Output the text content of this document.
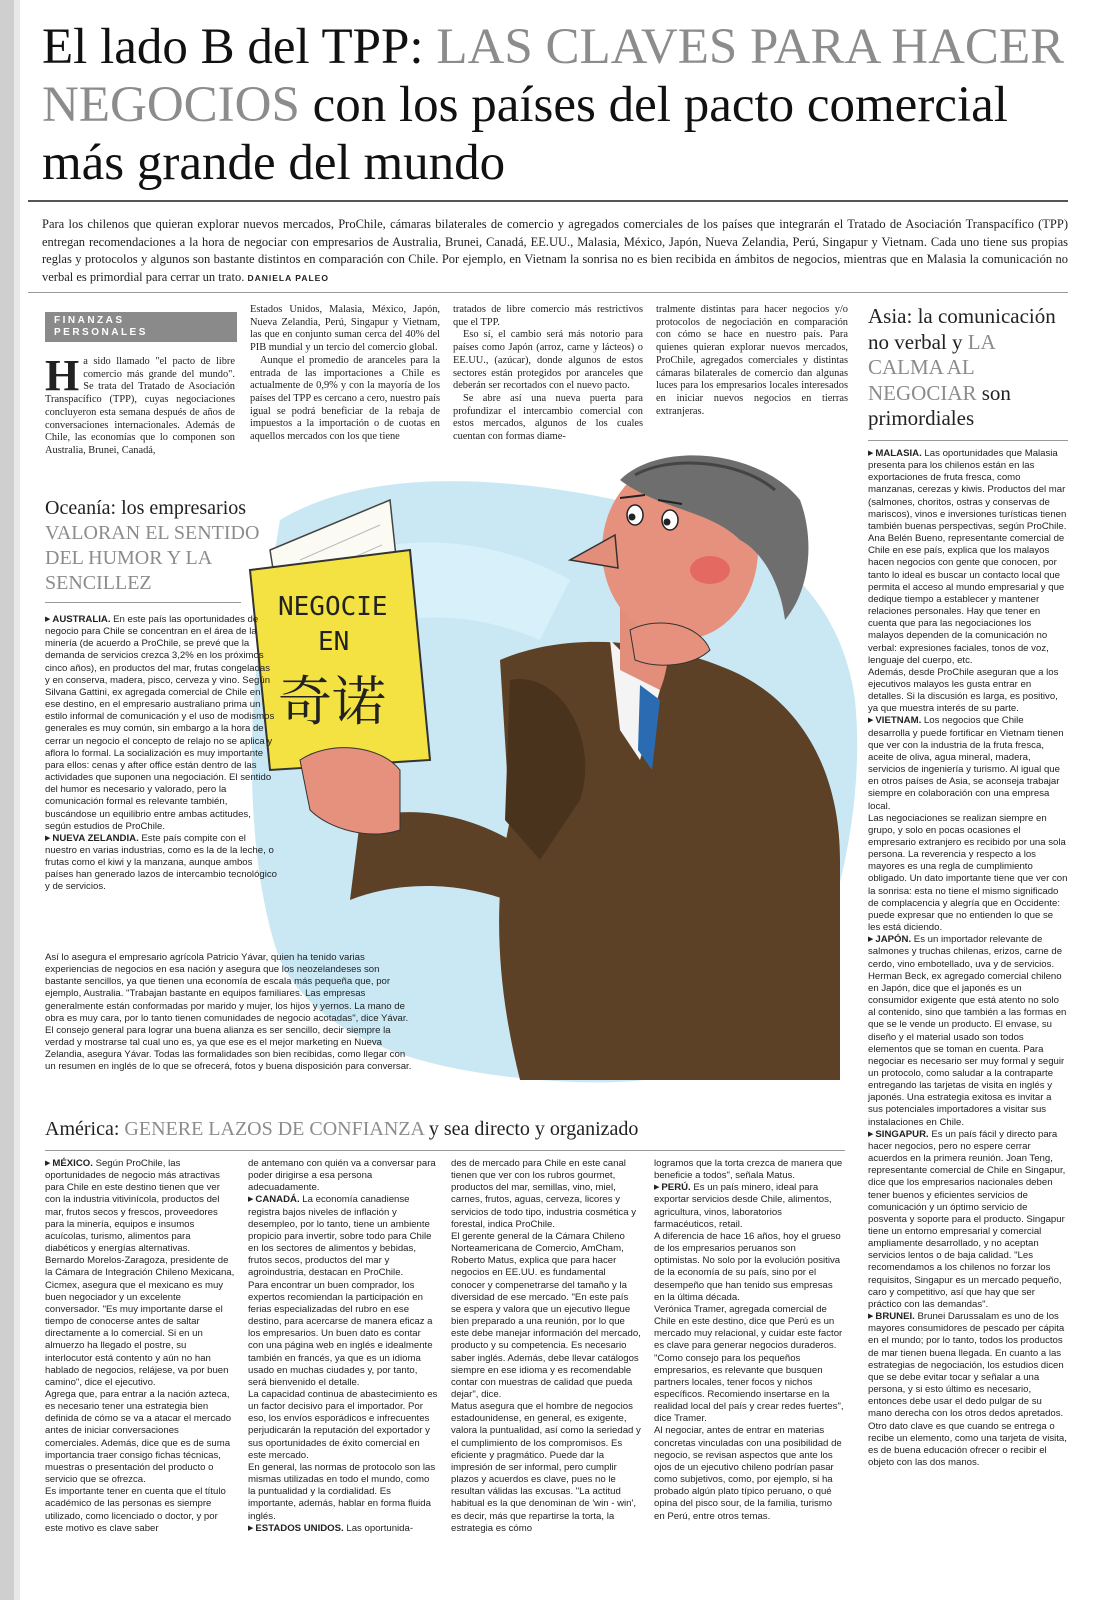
El lado B del TPP: LAS CLAVES PARA HACER NEGOCIOS con los países del pacto comercial más grande del mundo
Para los chilenos que quieran explorar nuevos mercados, ProChile, cámaras bilaterales de comercio y agregados comerciales de los países que integrarán el Tratado de Asociación Transpacífico (TPP) entregan recomendaciones a la hora de negociar con empresarios de Australia, Brunei, Canadá, EE.UU., Malasia, México, Japón, Nueva Zelandia, Perú, Singapur y Vietnam. Cada uno tiene sus propias reglas y protocolos y algunos son bastante distintos en comparación con Chile. Por ejemplo, en Vietnam la sonrisa no es bien recibida en ámbitos de negocios, mientras que en Malasia la comunicación no verbal es primordial para cerrar un trato. DANIELA PALEO
FINANZAS
PERSONALES
Ha sido llamado "el pacto de libre comercio más grande del mundo". Se trata del Tratado de Asociación Transpacífico (TPP), cuyas negociaciones concluyeron esta semana después de años de conversaciones internacionales. Además de Chile, las economías que lo componen son Australia, Brunei, Canadá,

Estados Unidos, Malasia, México, Japón, Nueva Zelandia, Perú, Singapur y Vietnam, las que en conjunto suman cerca del 40% del PIB mundial y un tercio del comercio global.

Aunque el promedio de aranceles para la entrada de las importaciones a Chile es actualmente de 0,9% y con la mayoría de los países del TPP es cercano a cero, nuestro país igual se podrá beneficiar de la rebaja de impuestos a la importación o de cuotas en aquellos mercados con los que tiene

tratados de libre comercio más restrictivos que el TPP.

Eso sí, el cambio será más notorio para países como Japón (arroz, carne y lácteos) o EE.UU., (azúcar), donde algunos de estos sectores están protegidos por aranceles que deberán ser recortados con el nuevo pacto.

Se abre así una nueva puerta para profundizar el intercambio comercial con estos mercados, algunos de los cuales cuentan con formas diame-

tralmente distintas para hacer negocios y/o protocolos de negociación en comparación con cómo se hace en nuestro país. Para quienes quieran explorar nuevos mercados, ProChile, agregados comerciales y distintas cámaras bilaterales de comercio dan algunas luces para los empresarios locales interesados en iniciar nuevos negocios en tierras extranjeras.

Asia: la comunicación no verbal y LA CALMA AL NEGOCIAR son primordiales
NEGOCIE
EN
奇诺
Oceanía: los empresarios
VALORAN EL SENTIDO DEL HUMOR Y LA SENCILLEZ

▶ AUSTRALIA. En este país las oportunidades de negocio para Chile se concentran en el área de la minería (de acuerdo a ProChile, se prevé que la demanda de servicios crezca 3,2% en los próximos cinco años), en productos del mar, frutas congeladas y en conserva, madera, pisco, cerveza y vino. Según Silvana Gattini, ex agregada comercial de Chile en ese destino, en el empresario australiano prima un estilo informal de comunicación y el uso de modismos generales es muy común, sin embargo a la hora de cerrar un negocio el concepto de relajo no se aplica y aflora lo formal. La socialización es muy importante para ellos: cenas y after office están dentro de las actividades que suponen una negociación. El sentido del humor es necesario y valorado, pero la comunicación formal es relevante también, buscándose un equilibrio entre ambas actitudes, según estudios de ProChile.

▶ NUEVA ZELANDIA. Este país compite con el nuestro en varias industrias, como es la de la leche, o frutas como el kiwi y la manzana, aunque ambos países han generado lazos de intercambio tecnológico y de servicios.

Así lo asegura el empresario agrícola Patricio Yávar, quien ha tenido varias experiencias de negocios en esa nación y asegura que los neozelandeses son bastante sencillos, ya que tienen una economía de escala más pequeña que, por ejemplo, Australia. "Trabajan bastante en equipos familiares. Las empresas generalmente están conformadas por marido y mujer, los hijos y yernos. La mano de obra es muy cara, por lo tanto tienen comunidades de negocio acotadas", dice Yávar.

El consejo general para lograr una buena alianza es ser sencillo, decir siempre la verdad y mostrarse tal cual uno es, ya que ese es el mejor marketing en Nueva Zelandia, asegura Yávar. Todas las formalidades son bien recibidas, como llegar con un resumen en inglés de lo que se ofrecerá, fotos y buena disposición para conversar.

▶ MALASIA. Las oportunidades que Malasia presenta para los chilenos están en las exportaciones de fruta fresca, como manzanas, cerezas y kiwis. Productos del mar (salmones, choritos, ostras y conservas de mariscos), vinos e inversiones turísticas tienen también buenas perspectivas, según ProChile.

Ana Belén Bueno, representante comercial de Chile en ese país, explica que los malayos hacen negocios con gente que conocen, por tanto lo ideal es buscar un contacto local que permita el acceso al mundo empresarial y que dedique tiempo a establecer y mantener relaciones personales. Hay que tener en cuenta que para las negociaciones los malayos dependen de la comunicación no verbal: expresiones faciales, tonos de voz, lenguaje del cuerpo, etc.

Además, desde ProChile aseguran que a los ejecutivos malayos les gusta entrar en detalles. Si la discusión es larga, es positivo, ya que muestra interés de su parte.

▶ VIETNAM. Los negocios que Chile desarrolla y puede fortificar en Vietnam tienen que ver con la industria de la fruta fresca, aceite de oliva, agua mineral, madera, servicios de ingeniería y turismo. Al igual que en otros países de Asia, se aconseja trabajar siempre en colaboración con una empresa local.

Las negociaciones se realizan siempre en grupo, y solo en pocas ocasiones el empresario extranjero es recibido por una sola persona. La reverencia y respecto a los mayores es una regla de cumplimiento obligado. Un dato importante tiene que ver con la sonrisa: esta no tiene el mismo significado de complacencia y alegría que en Occidente: puede expresar que no entienden lo que se les está diciendo.

▶ JAPÓN. Es un importador relevante de salmones y truchas chilenas, erizos, carne de cerdo, vino embotellado, uva y de servicios. Herman Beck, ex agregado comercial chileno en Japón, dice que el japonés es un consumidor exigente que está atento no solo al contenido, sino que también a las formas en que se le vende un producto. El envase, su diseño y el material usado son todos elementos que se toman en cuenta. Para negociar es necesario ser muy formal y seguir un protocolo, como saludar a la contraparte entregando las tarjetas de visita en inglés y japonés. Una estrategia exitosa es invitar a sus potenciales importadores a visitar sus instalaciones en Chile.

▶ SINGAPUR. Es un país fácil y directo para hacer negocios, pero no espere cerrar acuerdos en la primera reunión. Joan Teng, representante comercial de Chile en Singapur, dice que los empresarios nacionales deben tener buenos y eficientes servicios de comunicación y un óptimo servicio de posventa y soporte para el producto. Singapur tiene un entorno empresarial y comercial ampliamente desarrollado, y no aceptan servicios lentos o de baja calidad. "Les recomendamos a los chilenos no forzar los requisitos, Singapur es un mercado pequeño, caro y competitivo, así que hay que ser práctico con las demandas".

▶ BRUNEI. Brunei Darussalam es uno de los mayores consumidores de pescado per cápita en el mundo; por lo tanto, todos los productos de mar tienen buena llegada. En cuanto a las estrategias de negociación, los estudios dicen que se debe evitar tocar y señalar a una persona, y si esto último es necesario, entonces debe usar el dedo pulgar de su mano derecha con los otros dedos apretados. Otro dato clave es que cuando se entrega o recibe un elemento, como una tarjeta de visita, es de buena educación ofrecer o recibir el objeto con las dos manos.

América: GENERE LAZOS DE CONFIANZA y sea directo y organizado

▶ MÉXICO. Según ProChile, las oportunidades de negocio más atractivas para Chile en este destino tienen que ver con la industria vitivinícola, productos del mar, frutos secos y frescos, proveedores para la minería, equipos e insumos acuícolas, turismo, alimentos para diabéticos y energías alternativas.

Bernardo Morelos-Zaragoza, presidente de la Cámara de Integración Chileno Mexicana, Cicmex, asegura que el mexicano es muy buen negociador y un excelente conversador. "Es muy importante darse el tiempo de conocerse antes de saltar directamente a lo comercial. Si en un almuerzo ha llegado el postre, su interlocutor está contento y aún no han hablado de negocios, relájese, va por buen camino", dice el ejecutivo.

Agrega que, para entrar a la nación azteca, es necesario tener una estrategia bien definida de cómo se va a atacar el mercado antes de iniciar conversaciones comerciales. Además, dice que es de suma importancia traer consigo fichas técnicas, muestras o presentación del producto o servicio que se ofrezca.

Es importante tener en cuenta que el título académico de las personas es siempre utilizado, como licenciado o doctor, y por este motivo es clave saber

de antemano con quién va a conversar para poder dirigirse a esa persona adecuadamente.

▶ CANADÁ. La economía canadiense registra bajos niveles de inflación y desempleo, por lo tanto, tiene un ambiente propicio para invertir, sobre todo para Chile en los sectores de alimentos y bebidas, frutos secos, productos del mar y agroindustria, destacan en ProChile.

Para encontrar un buen comprador, los expertos recomiendan la participación en ferias especializadas del rubro en ese destino, para acercarse de manera eficaz a los empresarios. Un buen dato es contar con una página web en inglés e idealmente también en francés, ya que es un idioma usado en muchas ciudades y, por tanto, será bienvenido el detalle.

La capacidad continua de abastecimiento es un factor decisivo para el importador. Por eso, los envíos esporádicos e infrecuentes perjudicarán la reputación del exportador y sus oportunidades de éxito comercial en este mercado.

En general, las normas de protocolo son las mismas utilizadas en todo el mundo, como la puntualidad y la cordialidad. Es importante, además, hablar en forma fluida inglés.

▶ ESTADOS UNIDOS. Las oportunida-

des de mercado para Chile en este canal tienen que ver con los rubros gourmet, productos del mar, semillas, vino, miel, carnes, frutos, aguas, cerveza, licores y servicios de todo tipo, industria cosmética y forestal, indica ProChile.

El gerente general de la Cámara Chileno Norteamericana de Comercio, AmCham, Roberto Matus, explica que para hacer negocios en EE.UU. es fundamental conocer y compenetrarse del tamaño y la diversidad de ese mercado. "En este país se espera y valora que un ejecutivo llegue bien preparado a una reunión, por lo que este debe manejar información del mercado, producto y su competencia. Es necesario saber inglés. Además, debe llevar catálogos siempre en ese idioma y es recomendable contar con muestras de calidad que pueda dejar", dice.

Matus asegura que el hombre de negocios estadounidense, en general, es exigente, valora la puntualidad, así como la seriedad y el cumplimiento de los compromisos. Es eficiente y pragmático. Puede dar la impresión de ser informal, pero cumplir plazos y acuerdos es clave, pues no le resultan válidas las excusas. "La actitud habitual es la que denominan de 'win - win', es decir, más que repartirse la torta, la estrategia es cómo

logramos que la torta crezca de manera que beneficie a todos", señala Matus.

▶ PERÚ. Es un país minero, ideal para exportar servicios desde Chile, alimentos, agricultura, vinos, laboratorios farmacéuticos, retail.

A diferencia de hace 16 años, hoy el grueso de los empresarios peruanos son optimistas. No solo por la evolución positiva de la economía de su país, sino por el desempeño que han tenido sus empresas en la última década.

Verónica Tramer, agregada comercial de Chile en este destino, dice que Perú es un mercado muy relacional, y cuidar este factor es clave para generar negocios duraderos. "Como consejo para los pequeños empresarios, es relevante que busquen partners locales, tener focos y nichos específicos. Recomiendo insertarse en la realidad local del país y crear redes fuertes", dice Tramer.

Al negociar, antes de entrar en materias concretas vinculadas con una posibilidad de negocio, se revisan aspectos que ante los ojos de un ejecutivo chileno podrían pasar como subjetivos, como, por ejemplo, si ha probado algún plato típico peruano, o qué opina del pisco sour, de la familia, turismo en Perú, entre otros temas.
